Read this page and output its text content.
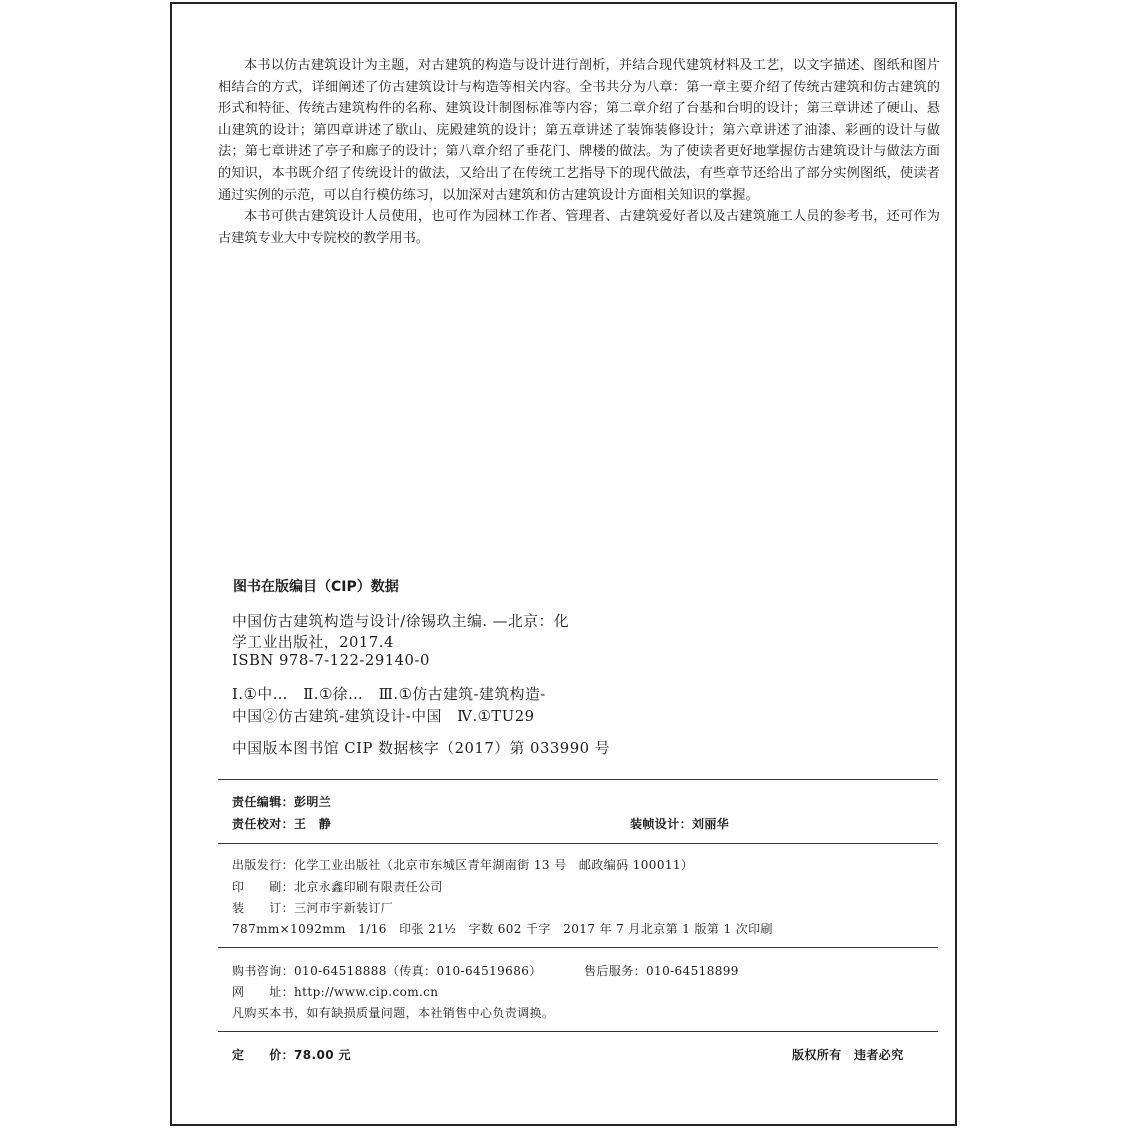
本书以仿古建筑设计为主题，对古建筑的构造与设计进行剖析，并结合现代建筑材料及工艺，以文字描述、图纸和图片相结合的方式，详细阐述了仿古建筑设计与构造等相关内容。全书共分为八章：第一章主要介绍了传统古建筑和仿古建筑的形式和特征、传统古建筑构件的名称、建筑设计制图标准等内容；第二章介绍了台基和台明的设计；第三章讲述了硬山、悬山建筑的设计；第四章讲述了歇山、庑殿建筑的设计；第五章讲述了装饰装修设计；第六章讲述了油漆、彩画的设计与做法；第七章讲述了亭子和廊子的设计；第八章介绍了垂花门、牌楼的做法。为了使读者更好地掌握仿古建筑设计与做法方面的知识，本书既介绍了传统设计的做法，又给出了在传统工艺指导下的现代做法，有些章节还给出了部分实例图纸，使读者通过实例的示范，可以自行模仿练习，以加深对古建筑和仿古建筑设计方面相关知识的掌握。

本书可供古建筑设计人员使用，也可作为园林工作者、管理者、古建筑爱好者以及古建筑施工人员的参考书，还可作为古建筑专业大中专院校的教学用书。

图书在版编目（CIP）数据
中国仿古建筑构造与设计/徐锡玖主编. —北京：化
学工业出版社，2017.4
ISBN 978-7-122-29140-0
Ⅰ.①中…　Ⅱ.①徐…　Ⅲ.①仿古建筑-建筑构造-
中国②仿古建筑-建筑设计-中国　Ⅳ.①TU29
中国版本图书馆 CIP 数据核字（2017）第 033990 号
责任编辑：彭明兰
责任校对：王　静	装帧设计：刘丽华
出版发行：化学工业出版社（北京市东城区青年湖南街 13 号　邮政编码 100011）
印　　刷：北京永鑫印刷有限责任公司
装　　订：三河市宇新装订厂
787mm×1092mm　1/16　印张 21½　字数 602 千字　2017 年 7 月北京第 1 版第 1 次印刷
购书咨询：010-64518888（传真：010-64519686）	售后服务：010-64518899
网　　址：http://www.cip.com.cn
凡购买本书，如有缺损质量问题，本社销售中心负责调换。
定　　价：78.00 元	版权所有　违者必究
